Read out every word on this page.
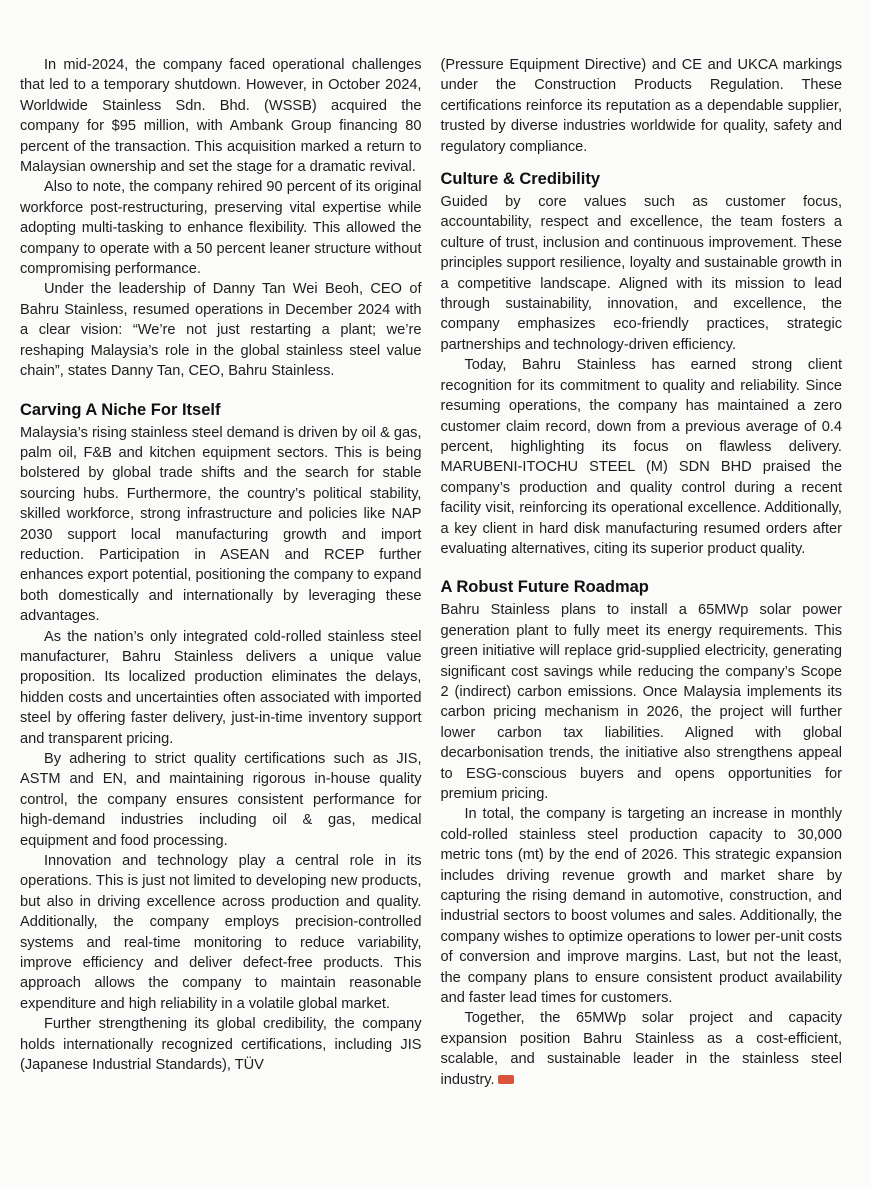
In mid-2024, the company faced operational challenges that led to a temporary shutdown. However, in October 2024, Worldwide Stainless Sdn. Bhd. (WSSB) acquired the company for $95 million, with Ambank Group financing 80 percent of the transaction. This acquisition marked a return to Malaysian ownership and set the stage for a dramatic revival.

Also to note, the company rehired 90 percent of its original workforce post-restructuring, preserving vital expertise while adopting multi-tasking to enhance flexibility. This allowed the company to operate with a 50 percent leaner structure without compromising performance.

Under the leadership of Danny Tan Wei Beoh, CEO of Bahru Stainless, resumed operations in December 2024 with a clear vision: “We’re not just restarting a plant; we’re reshaping Malaysia’s role in the global stainless steel value chain”, states Danny Tan, CEO, Bahru Stainless.

Carving A Niche For Itself

Malaysia’s rising stainless steel demand is driven by oil & gas, palm oil, F&B and kitchen equipment sectors. This is being bolstered by global trade shifts and the search for stable sourcing hubs. Furthermore, the country’s political stability, skilled workforce, strong infrastructure and policies like NAP 2030 support local manufacturing growth and import reduction. Participation in ASEAN and RCEP further enhances export potential, positioning the company to expand both domestically and internationally by leveraging these advantages.

As the nation’s only integrated cold-rolled stainless steel manufacturer, Bahru Stainless delivers a unique value proposition. Its localized production eliminates the delays, hidden costs and uncertainties often associated with imported steel by offering faster delivery, just-in-time inventory support and transparent pricing.

By adhering to strict quality certifications such as JIS, ASTM and EN, and maintaining rigorous in-house quality control, the company ensures consistent performance for high-demand industries including oil & gas, medical equipment and food processing.

Innovation and technology play a central role in its operations. This is just not limited to developing new products, but also in driving excellence across production and quality. Additionally, the company employs precision-controlled systems and real-time monitoring to reduce variability, improve efficiency and deliver defect-free products. This approach allows the company to maintain reasonable expenditure and high reliability in a volatile global market.

Further strengthening its global credibility, the company holds internationally recognized certifications, including JIS (Japanese Industrial Standards), TÜV

(Pressure Equipment Directive) and CE and UKCA markings under the Construction Products Regulation. These certifications reinforce its reputation as a dependable supplier, trusted by diverse industries worldwide for quality, safety and regulatory compliance.

Culture & Credibility

Guided by core values such as customer focus, accountability, respect and excellence, the team fosters a culture of trust, inclusion and continuous improvement. These principles support resilience, loyalty and sustainable growth in a competitive landscape. Aligned with its mission to lead through sustainability, innovation, and excellence, the company emphasizes eco-friendly practices, strategic partnerships and technology-driven efficiency.

Today, Bahru Stainless has earned strong client recognition for its commitment to quality and reliability. Since resuming operations, the company has maintained a zero customer claim record, down from a previous average of 0.4 percent, highlighting its focus on flawless delivery. MARUBENI-ITOCHU STEEL (M) SDN BHD praised the company’s production and quality control during a recent facility visit, reinforcing its operational excellence. Additionally, a key client in hard disk manufacturing resumed orders after evaluating alternatives, citing its superior product quality.

A Robust Future Roadmap

Bahru Stainless plans to install a 65MWp solar power generation plant to fully meet its energy requirements. This green initiative will replace grid-supplied electricity, generating significant cost savings while reducing the company’s Scope 2 (indirect) carbon emissions. Once Malaysia implements its carbon pricing mechanism in 2026, the project will further lower carbon tax liabilities. Aligned with global decarbonisation trends, the initiative also strengthens appeal to ESG-conscious buyers and opens opportunities for premium pricing.

In total, the company is targeting an increase in monthly cold-rolled stainless steel production capacity to 30,000 metric tons (mt) by the end of 2026. This strategic expansion includes driving revenue growth and market share by capturing the rising demand in automotive, construction, and industrial sectors to boost volumes and sales. Additionally, the company wishes to optimize operations to lower per-unit costs of conversion and improve margins. Last, but not the least, the company plans to ensure consistent product availability and faster lead times for customers.

Together, the 65MWp solar project and capacity expansion position Bahru Stainless as a cost-efficient, scalable, and sustainable leader in the stainless steel industry.
